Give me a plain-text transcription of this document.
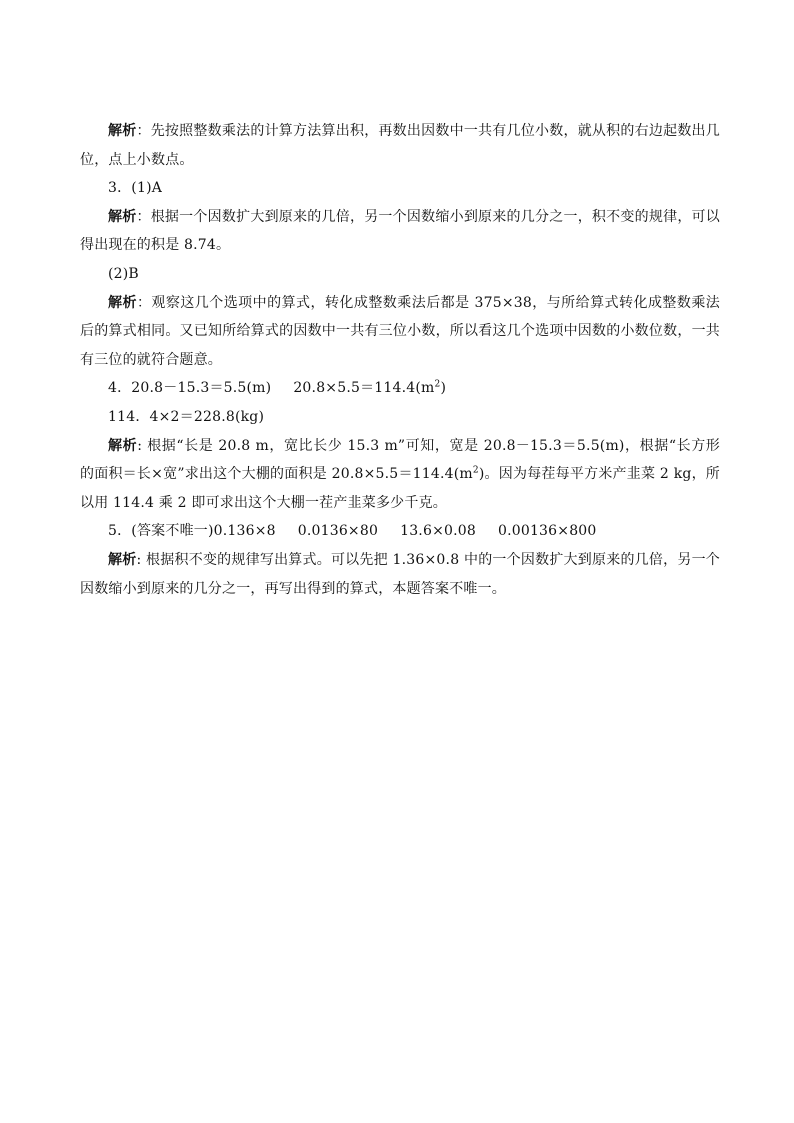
解析：先按照整数乘法的计算方法算出积，再数出因数中一共有几位小数，就从积的右边起数出几位，点上小数点。

3．(1)A

解析：根据一个因数扩大到原来的几倍，另一个因数缩小到原来的几分之一，积不变的规律，可以得出现在的积是 8.74。

(2)B

解析：观察这几个选项中的算式，转化成整数乘法后都是 375×38，与所给算式转化成整数乘法后的算式相同。又已知所给算式的因数中一共有三位小数，所以看这几个选项中因数的小数位数，一共有三位的就符合题意。

4．20.8－15.3＝5.5(m) $20.8\times 5.5=114.4(m^2)$

114．4×2＝228.8(kg)

解析: 根据“长是 20.8 m，宽比长少 15.3 m”可知，宽是 20.8－15.3＝5.5(m)，根据“长方形的面积＝长×宽”求出这个大棚的面积是 $20.8\times 5.5=114.4(m^2)$。因为每茬每平方米产韭菜 2 kg，所以用 114.4 乘 2 即可求出这个大棚一茬产韭菜多少千克。

5．(答案不唯一)0.136×8 0.0136×80 13.6×0.08 0.00136×800

解析: 根据积不变的规律写出算式。可以先把 1.36×0.8 中的一个因数扩大到原来的几倍，另一个因数缩小到原来的几分之一，再写出得到的算式，本题答案不唯一。
